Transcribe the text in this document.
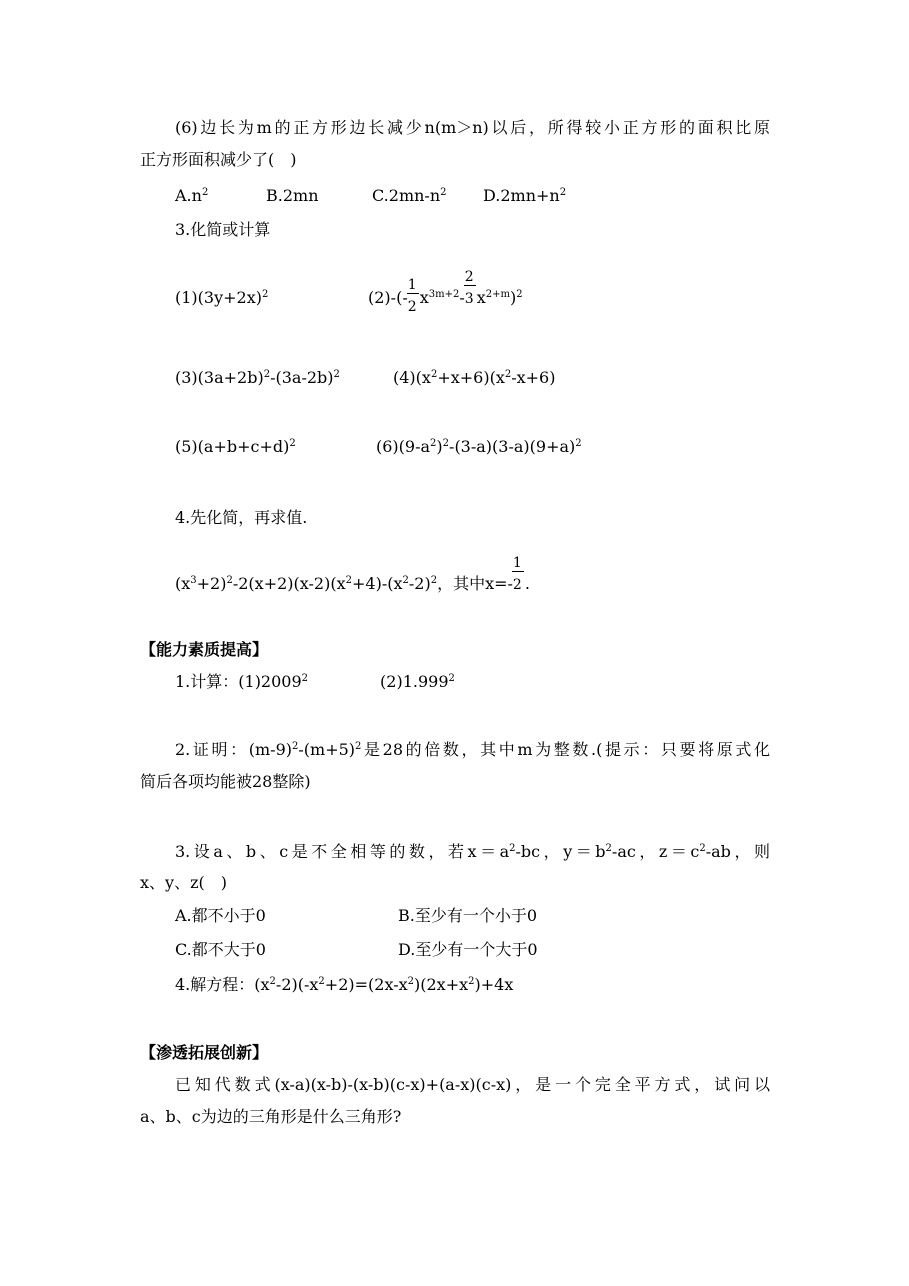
(6)边长为m的正方形边长减少n(m＞n)以后，所得较小正方形的面积比原
正方形面积减少了(　)
$A.n^2$	B.2mn	$C.2mn-n^2$ $D.2mn+n^2$
3.化简或计算
$(1)(3y+2x)^2$	$(2)-(- \frac{1}{2} x^{3m+2}- \frac{2}{3} x^{2+m})^2$
$(3)(3a+2b)^2-(3a-2b)^2$	$(4)(x^2+x+6)(x^2-x+6)$
$(5)(a+b+c+d)^2$	$(6)(9-a^2)^2-(3-a)(3-a)(9+a)^2$
4.先化简，再求值.
$(x^3+2)^2-2(x+2)(x-2)(x^2+4)-(x^2-2)^2$，其中$x=- \frac{1}{2}$ .
【能力素质提高】
1.计算：(1)2009$^2$	(2)1.999$^2$
2.证明：$(m-9)^2-(m+5)^2$是28的倍数，其中m为整数.(提示：只要将原式化
简后各项均能被28整除)
3.设a、b、c是不全相等的数，若$x=a^2-bc$，$y=b^2-ac$，$z=c^2-ab$，则
x、y、z(　)
A.都不小于0	B.至少有一个小于0
C.都不大于0	D.至少有一个大于0
4.解方程：$(x^2-2)(-x^2+2)=(2x-x^2)(2x+x^2)+4x$
【渗透拓展创新】
已知代数式(x-a)(x-b)-(x-b)(c-x)+(a-x)(c-x)，是一个完全平方式，试问以
a、b、c为边的三角形是什么三角形?
